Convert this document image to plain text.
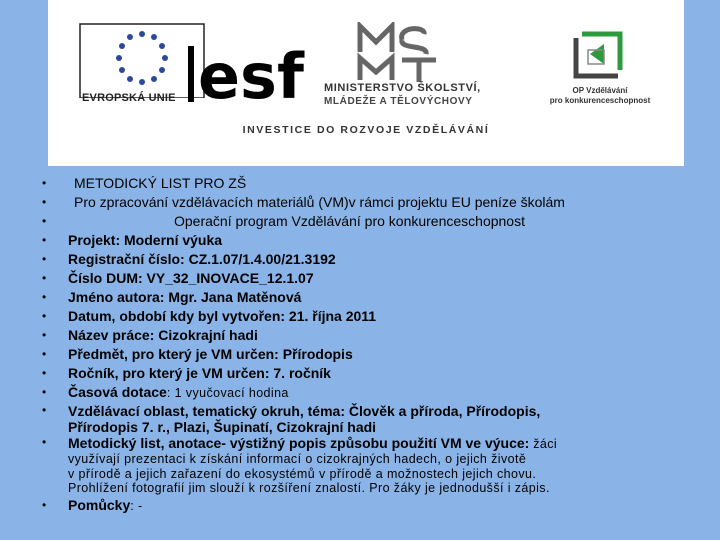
EVROPSKÁ UNIE esf MINISTERSTVO ŠKOLSTVÍ,
MLÁDEŽE A TĚLOVÝCHOVY
OP Vzdělávání
pro konkurenceschopnost
INVESTICE DO ROZVOJE VZDĚLÁVÁNÍ
• METODICKÝ LIST PRO ZŠ
• Pro zpracování vzdělávacích materiálů (VM)v rámci projektu EU peníze školám
• Operační program Vzdělávání pro konkurenceschopnost
• Projekt: Moderní výuka
• Registrační číslo: CZ.1.07/1.4.00/21.3192
• Číslo DUM: VY_32_INOVACE_12.1.07
• Jméno autora: Mgr. Jana Matěnová
• Datum, období kdy byl vytvořen: 21. října 2011
• Název práce: Cizokrajní hadi
• Předmět, pro který je VM určen: Přírodopis
• Ročník, pro který je VM určen: 7. ročník
• Časová dotace: 1 vyučovací hodina
• Vzdělávací oblast, tematický okruh, téma: Člověk a příroda, Přírodopis,
Přírodopis 7. r., Plazi, Šupinatí, Cizokrajní hadi
• Metodický list, anotace- výstižný popis způsobu použití VM ve výuce: žáci
využívají prezentaci k získání informací o cizokrajných hadech, o jejich životě
v přírodě a jejich zařazení do ekosystémů v přírodě a možnostech jejich chovu.
Prohlížení fotografií jim slouží k rozšíření znalostí. Pro žáky je jednodušší i zápis.
• Pomůcky: -
